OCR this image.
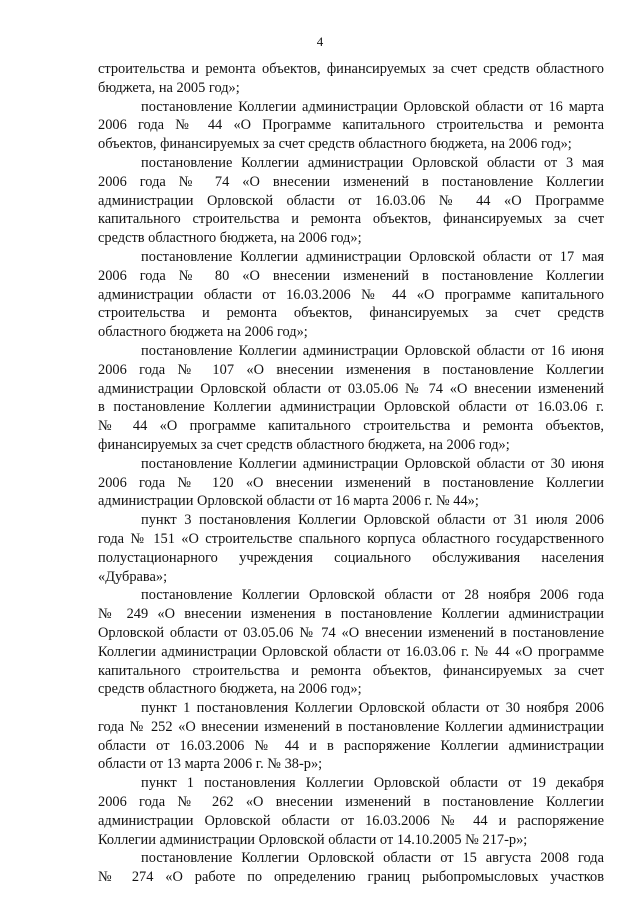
4
строительства и ремонта объектов, финансируемых за счет средств областного
бюджета, на 2005 год»;
постановление Коллегии администрации Орловской области от 16 марта
2006 года № 44 «О Программе капитального строительства и ремонта
объектов, финансируемых за счет средств областного бюджета, на 2006 год»;
постановление Коллегии администрации Орловской области от 3 мая
2006 года № 74 «О внесении изменений в постановление Коллегии
администрации Орловской области от 16.03.06 № 44 «О Программе
капитального строительства и ремонта объектов, финансируемых за счет
средств областного бюджета, на 2006 год»;
постановление Коллегии администрации Орловской области от 17 мая
2006 года № 80 «О внесении изменений в постановление Коллегии
администрации области от 16.03.2006 № 44 «О программе капитального
строительства и ремонта объектов, финансируемых за счет средств
областного бюджета на 2006 год»;
постановление Коллегии администрации Орловской области от 16 июня
2006 года № 107 «О внесении изменения в постановление Коллегии
администрации Орловской области от 03.05.06 № 74 «О внесении изменений
в постановление Коллегии администрации Орловской области от 16.03.06 г.
№ 44 «О программе капитального строительства и ремонта объектов,
финансируемых за счет средств областного бюджета, на 2006 год»;
постановление Коллегии администрации Орловской области от 30 июня
2006 года № 120 «О внесении изменений в постановление Коллегии
администрации Орловской области от 16 марта 2006 г. № 44»;
пункт 3 постановления Коллегии Орловской области от 31 июля 2006
года № 151 «О строительстве спального корпуса областного государственного
полустационарного учреждения социального обслуживания населения
«Дубрава»;
постановление Коллегии Орловской области от 28 ноября 2006 года
№ 249 «О внесении изменения в постановление Коллегии администрации
Орловской области от 03.05.06 № 74 «О внесении изменений в постановление
Коллегии администрации Орловской области от 16.03.06 г. № 44 «О программе
капитального строительства и ремонта объектов, финансируемых за счет
средств областного бюджета, на 2006 год»;
пункт 1 постановления Коллегии Орловской области от 30 ноября 2006
года № 252 «О внесении изменений в постановление Коллегии администрации
области от 16.03.2006 № 44 и в распоряжение Коллегии администрации
области от 13 марта 2006 г. № 38-р»;
пункт 1 постановления Коллегии Орловской области от 19 декабря
2006 года № 262 «О внесении изменений в постановление Коллегии
администрации Орловской области от 16.03.2006 № 44 и распоряжение
Коллегии администрации Орловской области от 14.10.2005 № 217-р»;
постановление Коллегии Орловской области от 15 августа 2008 года
№ 274 «О работе по определению границ рыбопромысловых участков
